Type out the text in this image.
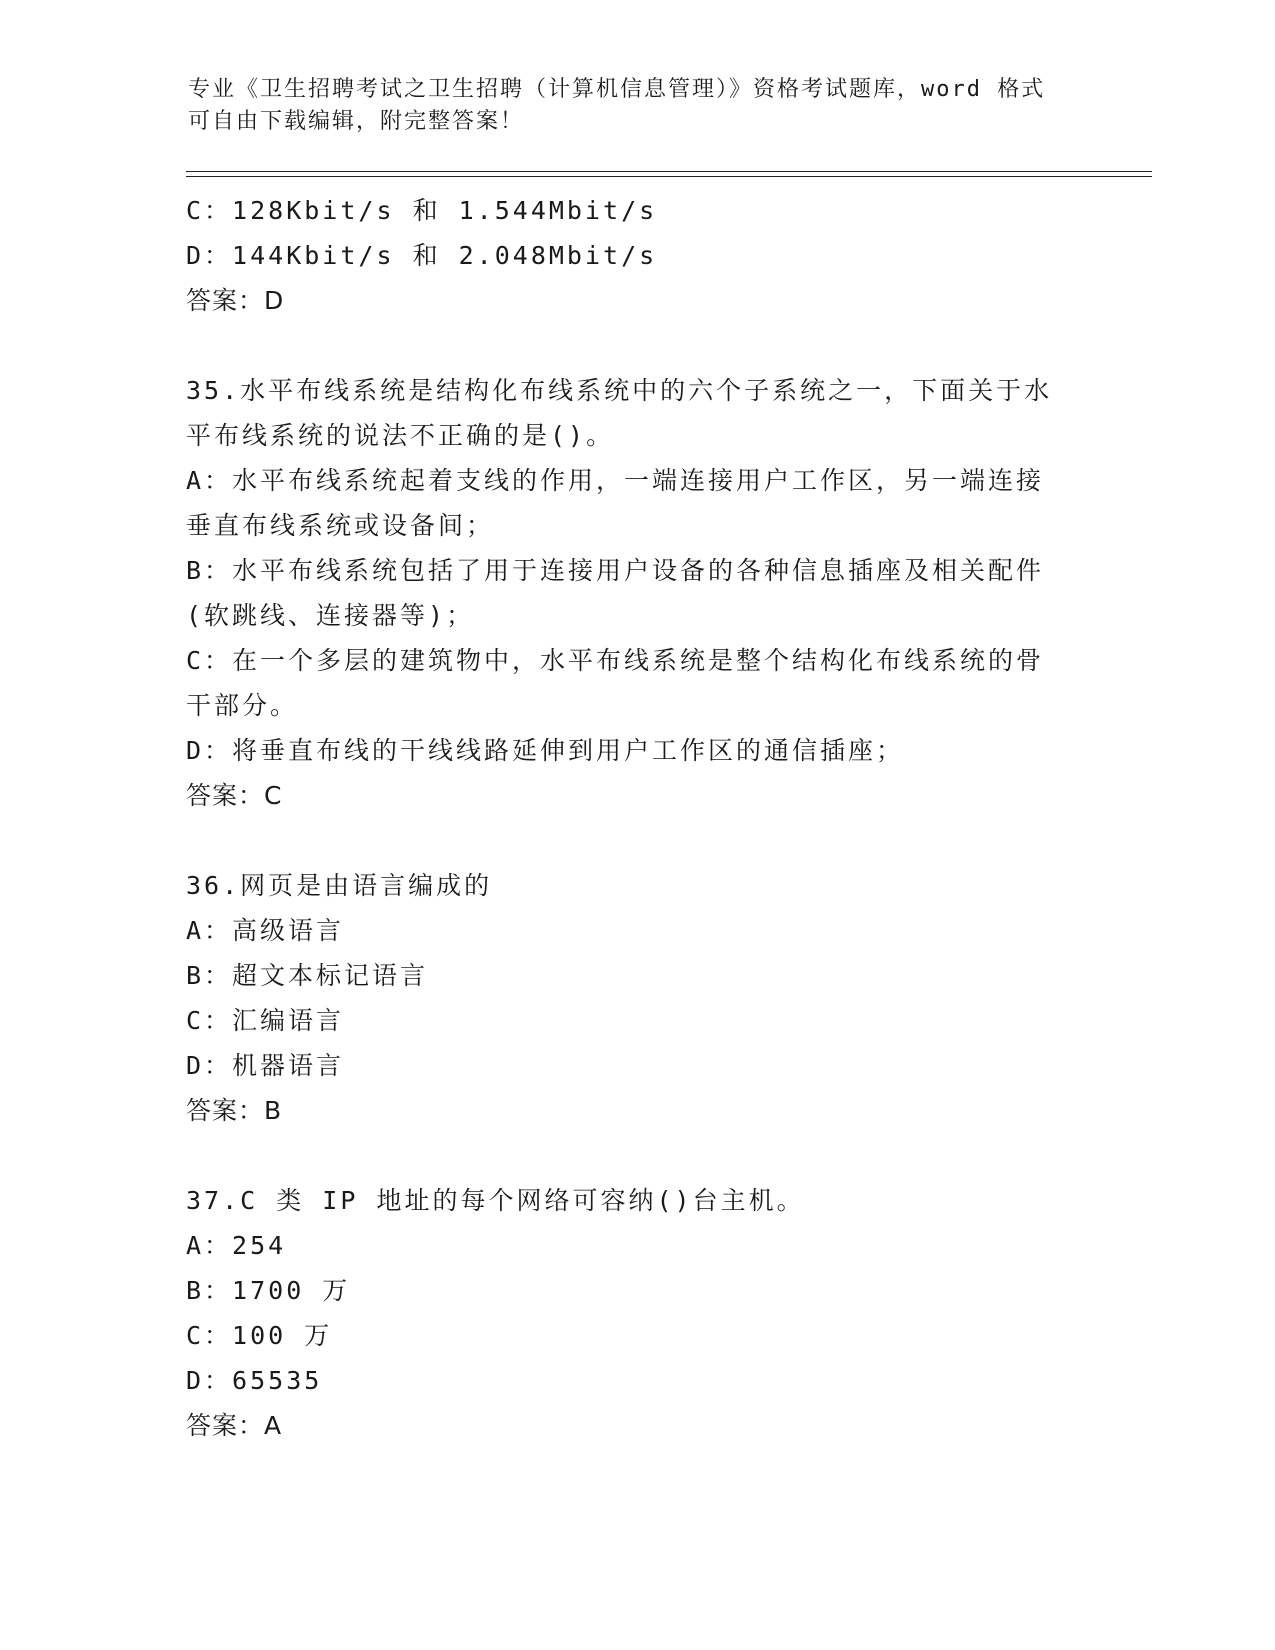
专业《卫生招聘考试之卫生招聘（计算机信息管理）》资格考试题库，word 格式
可自由下载编辑，附完整答案！
C：128Kbit/s 和 1.544Mbit/s
D：144Kbit/s 和 2.048Mbit/s
答案：D
35.水平布线系统是结构化布线系统中的六个子系统之一，下面关于水
平布线系统的说法不正确的是()。
A：水平布线系统起着支线的作用，一端连接用户工作区，另一端连接
垂直布线系统或设备间；
B：水平布线系统包括了用于连接用户设备的各种信息插座及相关配件
(软跳线、连接器等)；
C：在一个多层的建筑物中，水平布线系统是整个结构化布线系统的骨
干部分。
D：将垂直布线的干线线路延伸到用户工作区的通信插座；
答案：C
36.网页是由语言编成的
A：高级语言
B：超文本标记语言
C：汇编语言
D：机器语言
答案：B
37.C 类 IP 地址的每个网络可容纳()台主机。
A：254
B：1700 万
C：100 万
D：65535
答案：A
